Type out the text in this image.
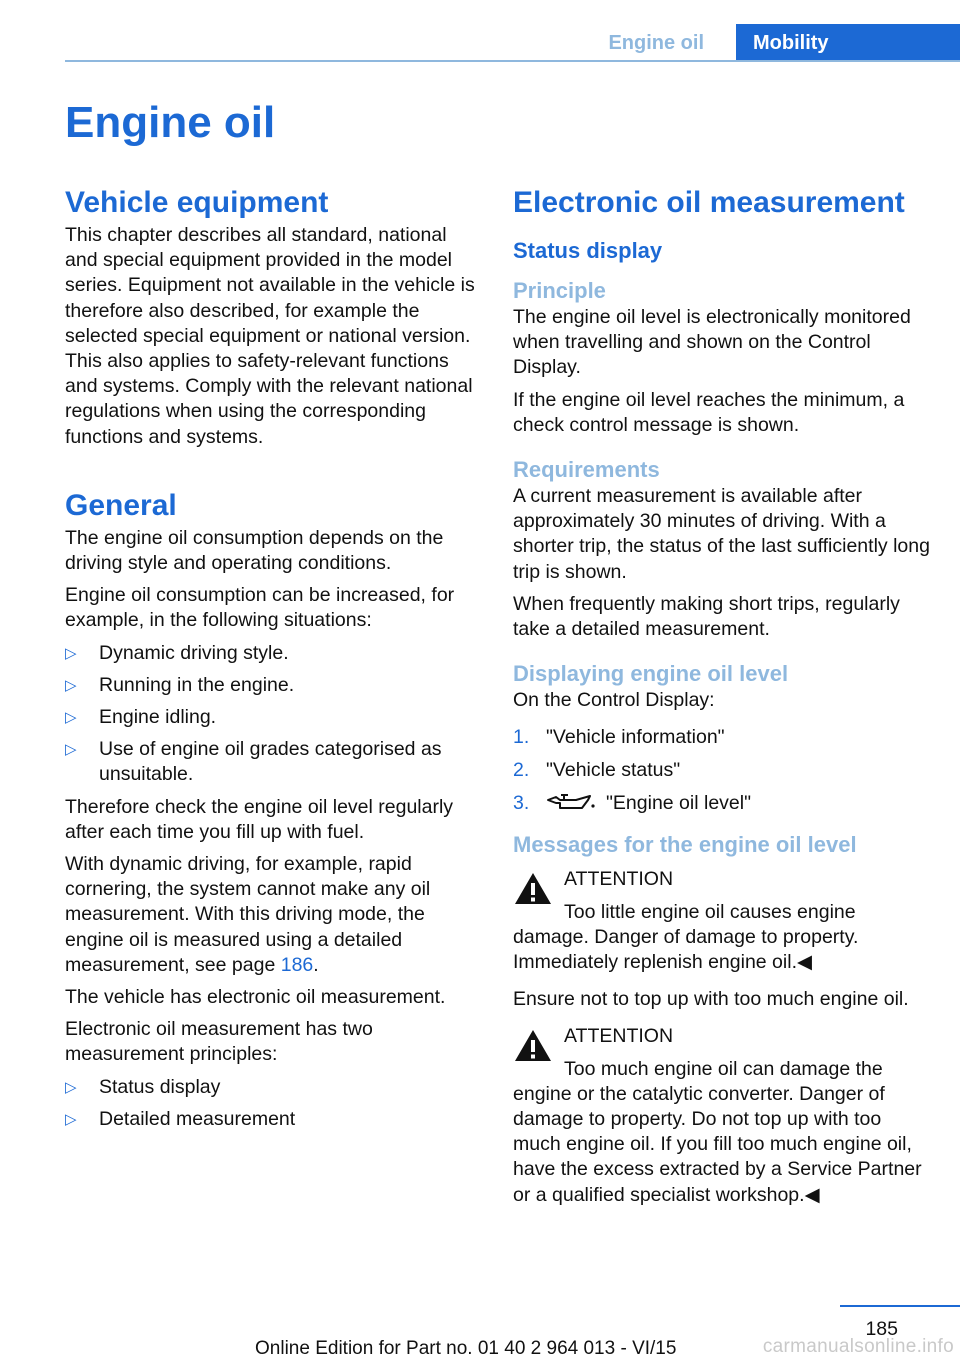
Engine oil	Mobility
Engine oil
Vehicle equipment

This chapter describes all standard, national and special equipment provided in the model series. Equipment not available in the vehicle is therefore also described, for example the selected special equipment or national version. This also applies to safety-relevant functions and systems. Comply with the relevant national regulations when using the corresponding functions and systems.

General

The engine oil consumption depends on the driving style and operating conditions.

Engine oil consumption can be increased, for example, in the following situations:

▷ Dynamic driving style.
▷ Running in the engine.
▷ Engine idling.
▷ Use of engine oil grades categorised as unsuitable.

Therefore check the engine oil level regularly after each time you fill up with fuel.

With dynamic driving, for example, rapid cornering, the system cannot make any oil measurement. With this driving mode, the engine oil is measured using a detailed measurement, see page 186.

The vehicle has electronic oil measurement.

Electronic oil measurement has two measurement principles:

▷ Status display
▷ Detailed measurement
Electronic oil measurement
Status display
Principle

The engine oil level is electronically monitored when travelling and shown on the Control Display.

If the engine oil level reaches the minimum, a check control message is shown.

Requirements

A current measurement is available after approximately 30 minutes of driving. With a shorter trip, the status of the last sufficiently long trip is shown.

When frequently making short trips, regularly take a detailed measurement.

Displaying engine oil level

On the Control Display:

1. "Vehicle information"
2. "Vehicle status"
3.	"Engine oil level"
Messages for the engine oil level
ATTENTION
Too little engine oil causes engine damage. Danger of damage to property. Immediately replenish engine oil.◀

Ensure not to top up with too much engine oil.

ATTENTION
Too much engine oil can damage the engine or the catalytic converter. Danger of damage to property. Do not top up with too much engine oil. If you fill too much engine oil, have the excess extracted by a Service Partner or a qualified specialist workshop.◀
185
Online Edition for Part no. 01 40 2 964 013 - VI/15	carmanualsonline.info
